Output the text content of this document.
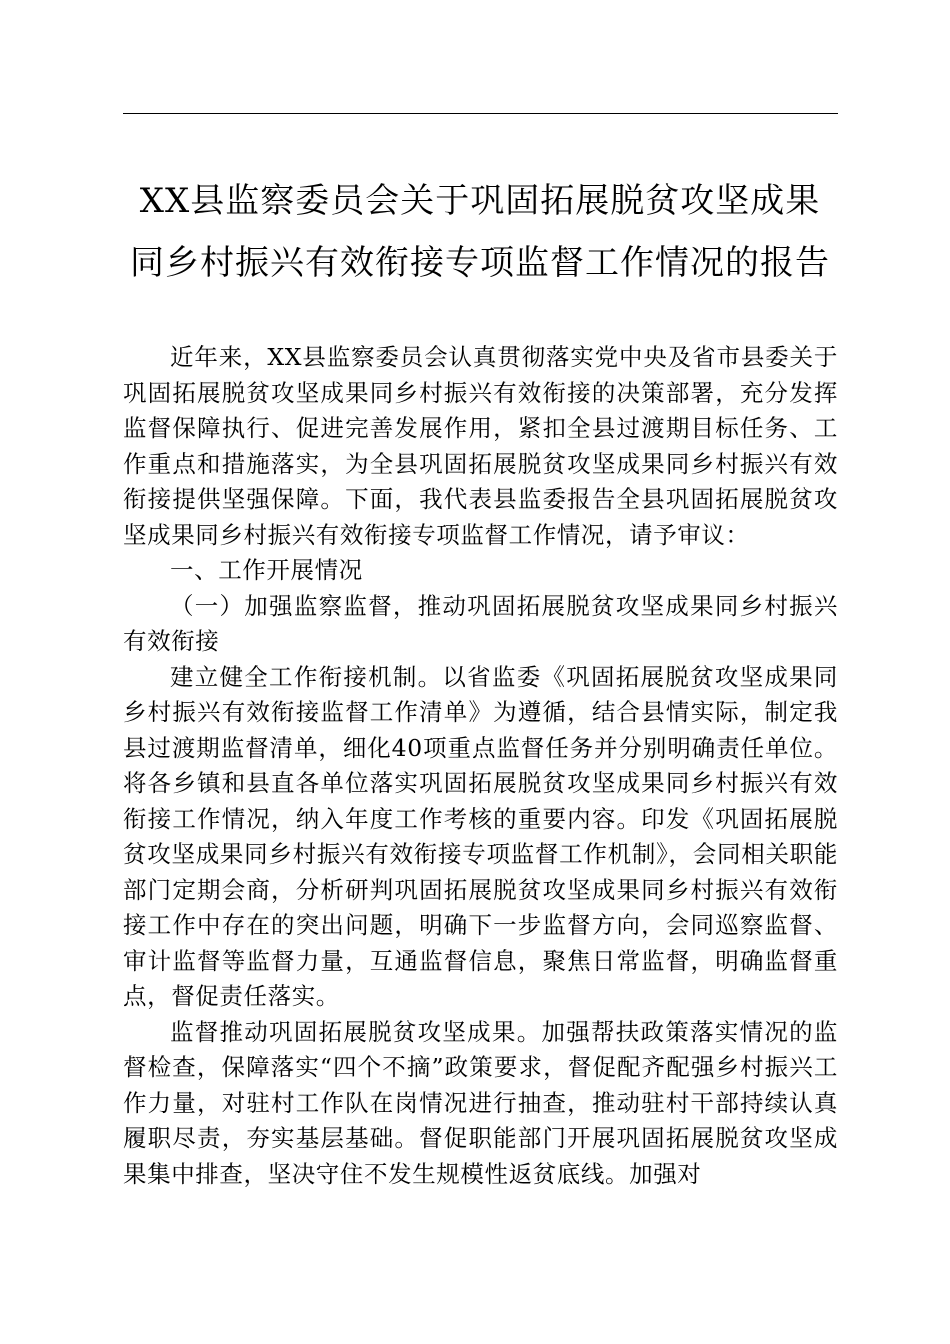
XX县监察委员会关于巩固拓展脱贫攻坚成果
同乡村振兴有效衔接专项监督工作情况的报告

近年来，XX县监察委员会认真贯彻落实党中央及省市县委关于巩固拓展脱贫攻坚成果同乡村振兴有效衔接的决策部署，充分发挥监督保障执行、促进完善发展作用，紧扣全县过渡期目标任务、工作重点和措施落实，为全县巩固拓展脱贫攻坚成果同乡村振兴有效衔接提供坚强保障。下面，我代表县监委报告全县巩固拓展脱贫攻坚成果同乡村振兴有效衔接专项监督工作情况，请予审议：

一、工作开展情况

（一）加强监察监督，推动巩固拓展脱贫攻坚成果同乡村振兴有效衔接

建立健全工作衔接机制。以省监委《巩固拓展脱贫攻坚成果同乡村振兴有效衔接监督工作清单》为遵循，结合县情实际，制定我县过渡期监督清单，细化40项重点监督任务并分别明确责任单位。将各乡镇和县直各单位落实巩固拓展脱贫攻坚成果同乡村振兴有效衔接工作情况，纳入年度工作考核的重要内容。印发《巩固拓展脱贫攻坚成果同乡村振兴有效衔接专项监督工作机制》，会同相关职能部门定期会商，分析研判巩固拓展脱贫攻坚成果同乡村振兴有效衔接工作中存在的突出问题，明确下一步监督方向，会同巡察监督、审计监督等监督力量，互通监督信息，聚焦日常监督，明确监督重点，督促责任落实。

监督推动巩固拓展脱贫攻坚成果。加强帮扶政策落实情况的监督检查，保障落实“四个不摘”政策要求，督促配齐配强乡村振兴工作力量，对驻村工作队在岗情况进行抽查，推动驻村干部持续认真履职尽责，夯实基层基础。督促职能部门开展巩固拓展脱贫攻坚成果集中排查，坚决守住不发生规模性返贫底线。加强对
